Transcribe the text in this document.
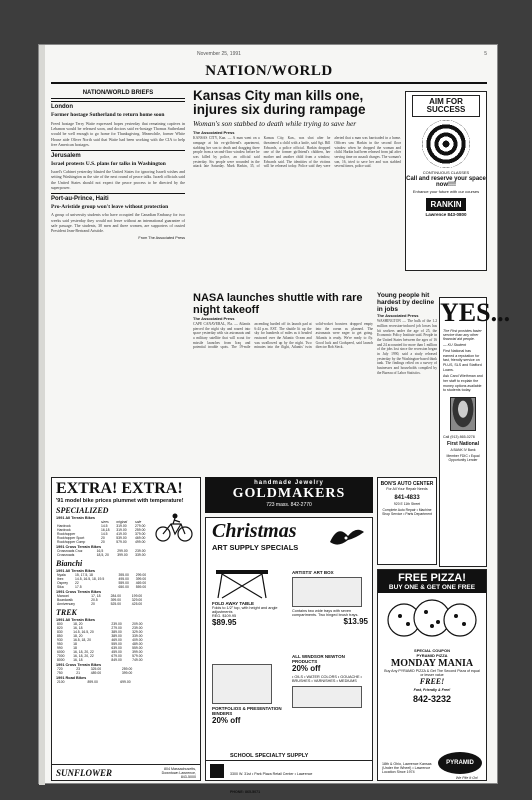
November 25, 1991	5
NATION/WORLD
NATION/WORLD BRIEFS
London
Former hostage Sutherland to return home soon
Freed hostage Terry Waite expressed hopes yesterday that remaining captives in Lebanon would be released soon, and doctors said ex-hostage Thomas Sutherland would be well enough to go home for Thanksgiving. Meanwhile, former White House aide Oliver North said that Waite had been working with the CIA to help free American hostages.
Jerusalem
Israel protests U.S. plans for talks in Washington
Israel's Cabinet yesterday blasted the United States for ignoring Israeli wishes and setting Washington as the site of the next round of peace talks. Israeli officials said the United States should not expect the peace process to be directed by the superpower.
Port-au-Prince, Haiti
Pro-Aristide group won't leave without protection
A group of university students who have occupied the Canadian Embassy for two weeks said yesterday they would not leave without an international guarantee of safe passage. The students, 30 men and three women, are supporters of ousted President Jean-Bertrand Aristide.
From The Associated Press
Kansas City man kills one, injures six during rampage
Woman's son stabbed to death while trying to save her
The Associated Press
KANSAS CITY, Kan. — A man went on a rampage at his ex-girlfriend's apartment, stabbing her son to death and dragging three people from a second-floor window before he was killed by police, an official said yesterday. Six people were wounded in the attack late Saturday. Mark Harkin, 35, of Kansas City, Kan., was shot after he threatened a child with a knife, said Sgt. Bill Edwards, a police official. Harkin dropped one of the former girlfriend's children, her mother and another child from a window, Edwards said. The identities of the victims will be released today. Police said they were alerted that a man was barricaded in a home. Officers saw Harkin in the second floor window when he dropped the woman and child. Harkin had been released from jail after serving time on assault charges. The woman's son, 16, tried to save her and was stabbed several times, police said.
AIM FOR SUCCESS
CONTINUOUS CLASSES
Call and reserve your space now!!!!
Enhance your future with our courses
RANKIN
Lawrence 843-0800
NASA launches shuttle with rare night takeoff
The Associated Press
CAPE CANAVERAL, Fla. — Atlantis pierced the night sky and roared into space yesterday with six astronauts and a military satellite that will scout for missile launches from Iraq and potential trouble spots. The 19-mile ascending hurtled off its launch pad at 6:44 p.m. EST. The shuttle lit up the sky for hundreds of miles as it headed eastward over the Atlantic Ocean and was swallowed up by the night. Two minutes into the flight, Atlantis' twin solid-rocket boosters dropped empty into the ocean as planned. The astronauts were eager to get going. Atlantis is ready. We're ready to fly. Good luck and Godspeed, said launch director Bob Sieck.
Young people hit hardest by decline in jobs
The Associated Press
WASHINGTON — The bulk of the 1.2 million recession-induced job losses has hit workers under the age of 25, the Economic Policy Institute said. People in the United States between the ages of 16 and 24 accounted for more than 1 million of the jobs lost since the recession began in July 1990, said a study released yesterday by the Washington-based think tank. The findings relied on a survey of businesses and households compiled by the Bureau of Labor Statistics.
YES...
The First provides faster service than any other financial aid people.
— KU Student
First National has earned a reputation for fast, friendly service on PLUS, SLS and Stafford Loans.
Ask Carol Wiethman and her staff to explain the money options available to students today.
Call (913) 865-0278
First National
A BANK IV Bank
Member FDIC • Equal Opportunity Lender
BON'S AUTO CENTER
For All Your Repair Needs
841-4833
920 E 11th Street
Complete Auto Repair • Machine Shop Service • Parts Department
EXTRA! EXTRA!
'91 model bike prices plummet with temperature!
SPECIALIZED
1991 All Terrain Bikes
	sizes	original	sale
Hardrock	14.5	319.00	279.00
Hardrock	16,18	319.00	259.00
Rockhopper	14.5	419.00	379.00
Rockhopper Sport	20	539.00	469.00
Rockhopper Comp	20	579.00	499.00
1991 Cross Terrain Bikes
Crossroads Cruz	16,5	299.00	239.00
Crossroads	18,5, 20	399.00	339.00
Bianchi
1991 All Terrain Bikes
Nyala	15, 17.5, 18	395.00	299.00
Ibex	14.5, 16.5, 18, 19.5	495.00	399.00
Osprey	22	559.00	469.00
Sika	17.5	650.00	559.00
1991 Cross Terrain Bikes
Marconi	17, 18	284.00	199.00
Boardwalk	20.5	399.00	329.00
Anniversary	20	525.00	425.00
TREK
1991 All Terrain Bikes
800	18, 20	239.00	209.00
820	16, 18	279.00	239.00
830	14.5, 16.5, 20	389.00	329.00
850	18, 20	389.00	339.00
930	16.5, 18, 20	469.00	409.00
950	18	559.00	489.00
990	18	639.00	559.00
6000	16, 18, 20, 22	459.00	399.00
7000	16, 18, 20, 22	679.00	579.00
8000	16, 18	849.00	749.00
1991 Cross Terrain Bikes
720	23	325.00	259.00
750	21	489.00	399.00
1991 Road Bikes
2100		899.00	699.00
SUNFLOWER	804 Massachusetts,
Downtown Lawrence,
843-5000
handmade Jewelry
GOLDMAKERS
723 mass. 842-2770
Christmas
ART SUPPLY SPECIALS
FOLD AWAY TABLE
Folds to 1/2" top, with height and angle adjustments
REG. $109.95
$89.95
ARTISTS' ART BOX
Contains two wide trays with seven compartments. Two hinged brush trays.
$13.95
PORTFOLIOS & PRESENTATION BINDERS
20% off
ALL WINDSOR NEWTON PRODUCTS
20% off
• OILS • WATER COLORS • GOUACHE • BRUSHES • VARNISHES • MEDIUMS
SCHOOL SPECIALTY SUPPLY
3300 W. 31st • Park Plaza Retail Center • Lawrence
PHONE: 865-5071
FREE PIZZA!
BUY ONE & GET ONE FREE
SPECIAL COUPON
PYRAMID PIZZA
MONDAY MANIA
Buy Any PYRAMID PIZZA & Get The Second Pizza of equal or lesser value
FREE!
Fast, Friendly & Free!
842-3232
18th & Ohio, Lawrence Kansas (Under the Wheel) • Lawrence Location Since 1974
PYRAMID
We Pile It On!
